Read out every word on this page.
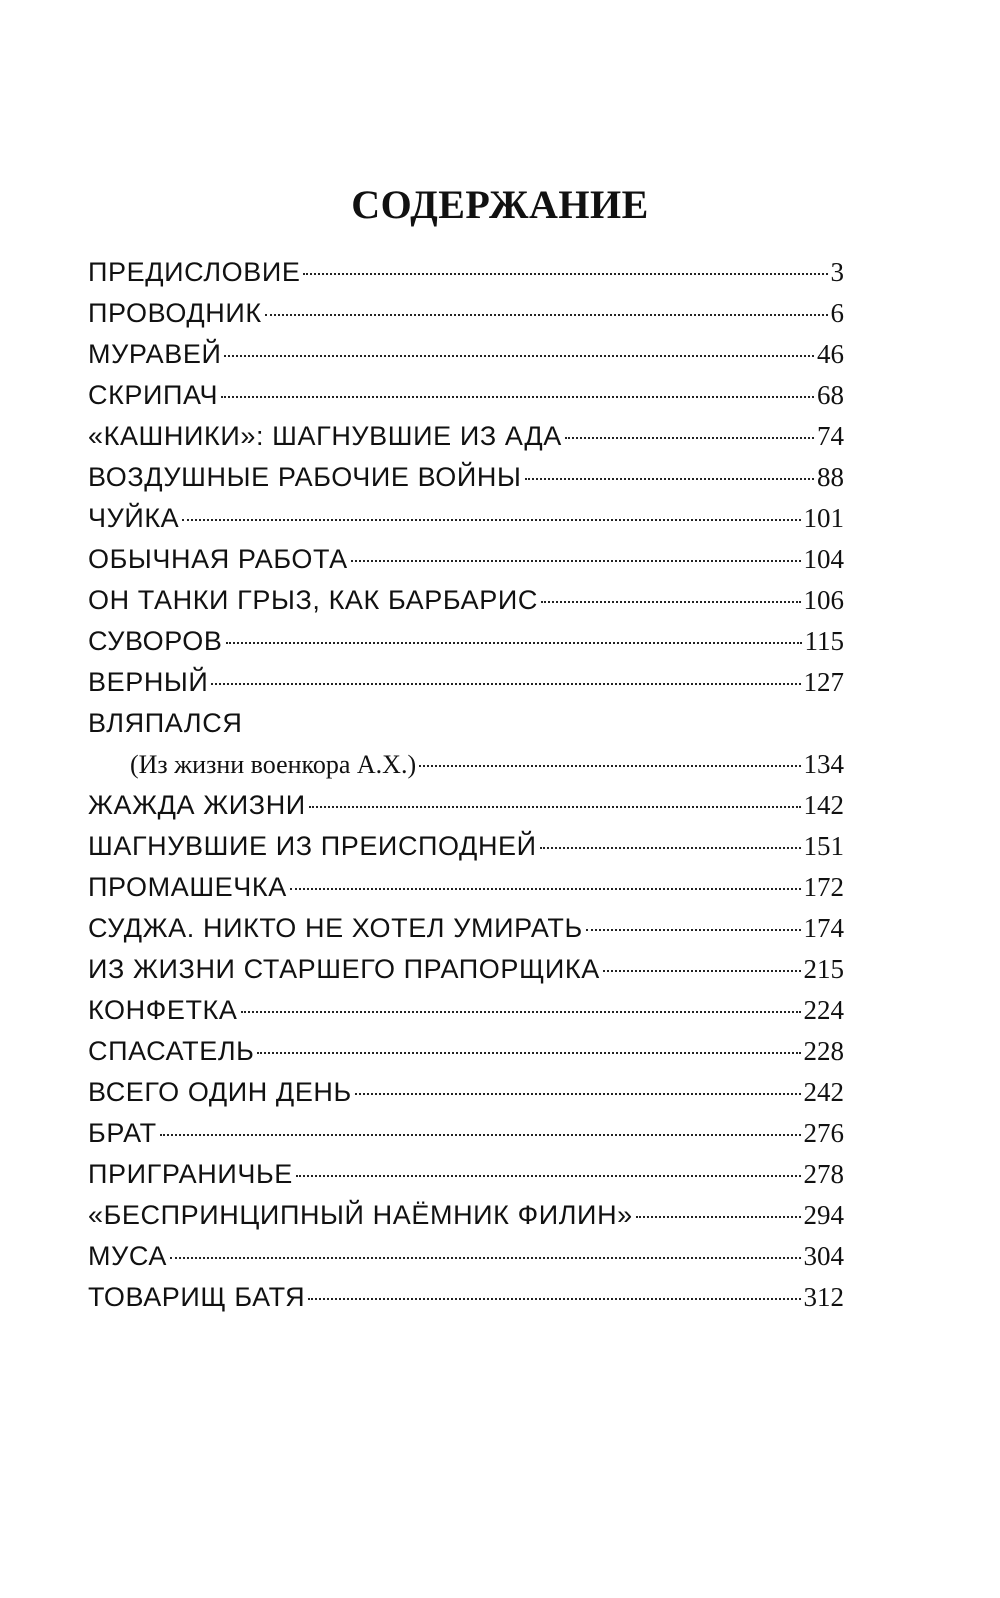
СОДЕРЖАНИЕ
ПРЕДИСЛОВИЕ	3
ПРОВОДНИК	6
МУРАВЕЙ	46
СКРИПАЧ	68
«КАШНИКИ»: ШАГНУВШИЕ ИЗ АДА	74
ВОЗДУШНЫЕ РАБОЧИЕ ВОЙНЫ	88
ЧУЙКА	101
ОБЫЧНАЯ РАБОТА	104
ОН ТАНКИ ГРЫЗ, КАК БАРБАРИС	106
СУВОРОВ	115
ВЕРНЫЙ	127
ВЛЯПАЛСЯ
(Из жизни военкора А.Х.)	134
ЖАЖДА ЖИЗНИ	142
ШАГНУВШИЕ ИЗ ПРЕИСПОДНЕЙ	151
ПРОМАШЕЧКА	172
СУДЖА. НИКТО НЕ ХОТЕЛ УМИРАТЬ	174
ИЗ ЖИЗНИ СТАРШЕГО ПРАПОРЩИКА	215
КОНФЕТКА	224
СПАСАТЕЛЬ	228
ВСЕГО ОДИН ДЕНЬ	242
БРАТ	276
ПРИГРАНИЧЬЕ	278
«БЕСПРИНЦИПНЫЙ НАЁМНИК ФИЛИН»	294
МУСА	304
ТОВАРИЩ БАТЯ	312
